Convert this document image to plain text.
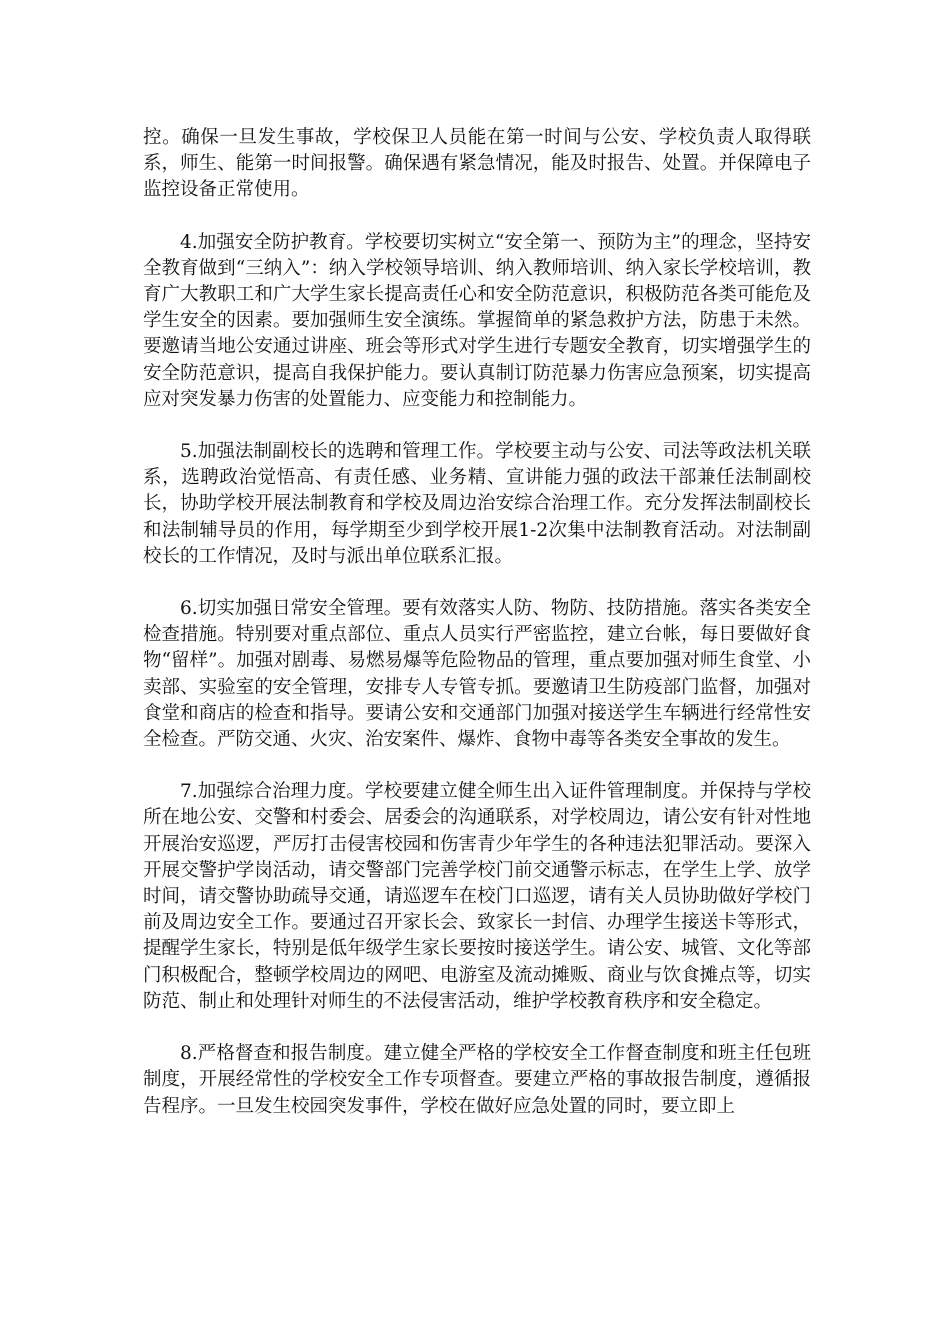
控。确保一旦发生事故，学校保卫人员能在第一时间与公安、学校负责人取得联系，师生、能第一时间报警。确保遇有紧急情况，能及时报告、处置。并保障电子监控设备正常使用。

4.加强安全防护教育。学校要切实树立“安全第一、预防为主”的理念，坚持安全教育做到“三纳入”：纳入学校领导培训、纳入教师培训、纳入家长学校培训，教育广大教职工和广大学生家长提高责任心和安全防范意识，积极防范各类可能危及学生安全的因素。要加强师生安全演练。掌握简单的紧急救护方法，防患于未然。要邀请当地公安通过讲座、班会等形式对学生进行专题安全教育，切实增强学生的安全防范意识，提高自我保护能力。要认真制订防范暴力伤害应急预案，切实提高应对突发暴力伤害的处置能力、应变能力和控制能力。

5.加强法制副校长的选聘和管理工作。学校要主动与公安、司法等政法机关联系，选聘政治觉悟高、有责任感、业务精、宣讲能力强的政法干部兼任法制副校长，协助学校开展法制教育和学校及周边治安综合治理工作。充分发挥法制副校长和法制辅导员的作用，每学期至少到学校开展1-2次集中法制教育活动。对法制副校长的工作情况，及时与派出单位联系汇报。

6.切实加强日常安全管理。要有效落实人防、物防、技防措施。落实各类安全检查措施。特别要对重点部位、重点人员实行严密监控，建立台帐，每日要做好食物“留样”。加强对剧毒、易燃易爆等危险物品的管理，重点要加强对师生食堂、小卖部、实验室的安全管理，安排专人专管专抓。要邀请卫生防疫部门监督，加强对食堂和商店的检查和指导。要请公安和交通部门加强对接送学生车辆进行经常性安全检查。严防交通、火灾、治安案件、爆炸、食物中毒等各类安全事故的发生。

7.加强综合治理力度。学校要建立健全师生出入证件管理制度。并保持与学校所在地公安、交警和村委会、居委会的沟通联系，对学校周边，请公安有针对性地开展治安巡逻，严厉打击侵害校园和伤害青少年学生的各种违法犯罪活动。要深入开展交警护学岗活动，请交警部门完善学校门前交通警示标志，在学生上学、放学时间，请交警协助疏导交通，请巡逻车在校门口巡逻，请有关人员协助做好学校门前及周边安全工作。要通过召开家长会、致家长一封信、办理学生接送卡等形式，提醒学生家长，特别是低年级学生家长要按时接送学生。请公安、城管、文化等部门积极配合，整顿学校周边的网吧、电游室及流动摊贩、商业与饮食摊点等，切实防范、制止和处理针对师生的不法侵害活动，维护学校教育秩序和安全稳定。

8.严格督查和报告制度。建立健全严格的学校安全工作督查制度和班主任包班制度，开展经常性的学校安全工作专项督查。要建立严格的事故报告制度，遵循报告程序。一旦发生校园突发事件，学校在做好应急处置的同时，要立即上
